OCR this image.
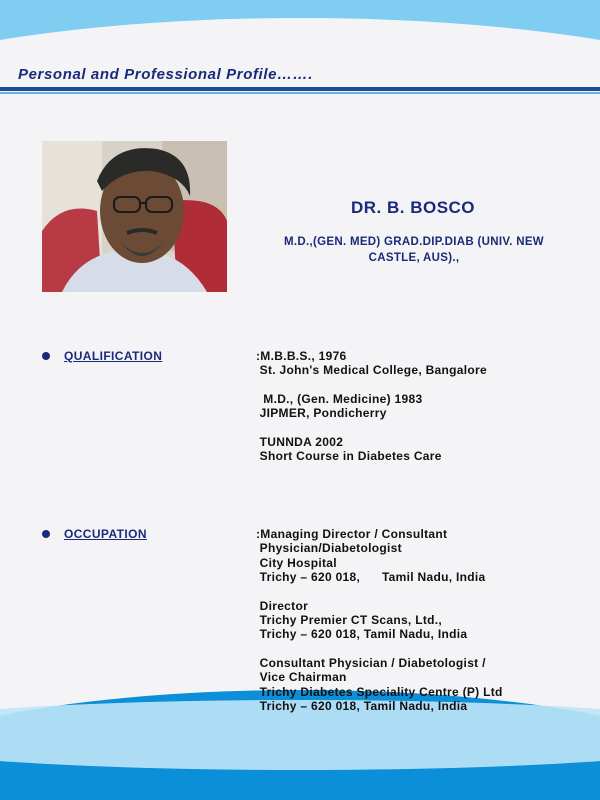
Personal and Professional Profile…….
DR. B. BOSCO
M.D.,(GEN. MED) GRAD.DIP.DIAB (UNIV. NEW CASTLE, AUS).,
QUALIFICATION	:M.B.B.S., 1976
St. John's Medical College, Bangalore
M.D., (Gen. Medicine) 1983
JIPMER, Pondicherry
TUNNDA 2002
Short Course in Diabetes Care
OCCUPATION	:Managing Director / Consultant
Physician/Diabetologist
City Hospital
Trichy – 620 018,      Tamil Nadu, India
Director
Trichy Premier CT Scans, Ltd.,
Trichy – 620 018, Tamil Nadu, India
Consultant Physician / Diabetologist /
Vice Chairman
Trichy Diabetes Speciality Centre (P) Ltd
Trichy – 620 018, Tamil Nadu, India
